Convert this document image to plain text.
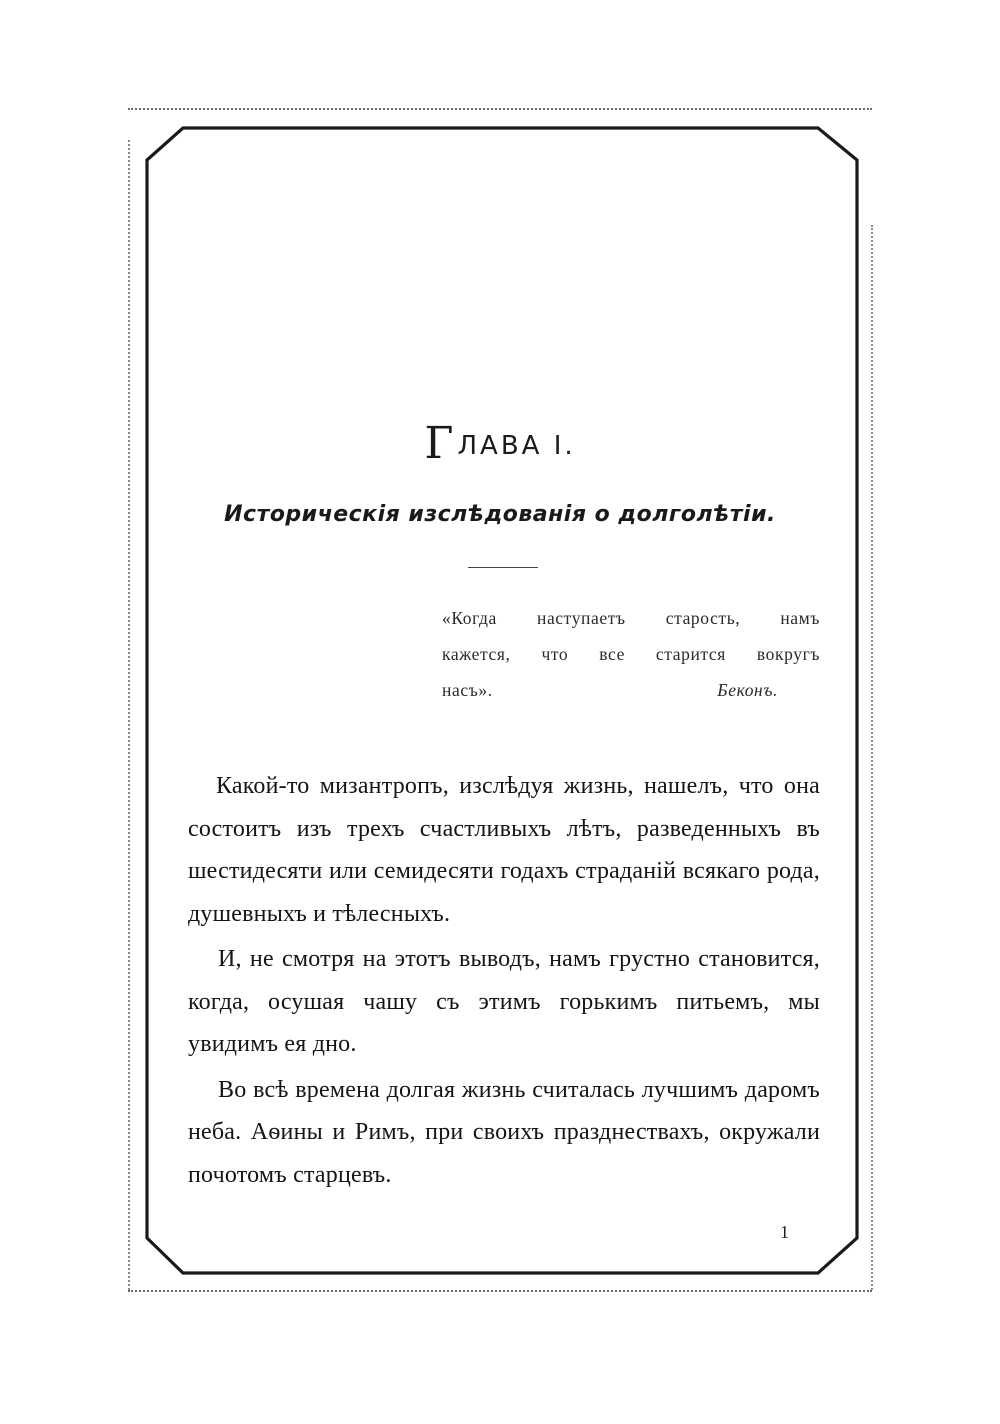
ГЛАВА I.
Историческія изслѣдованія о долголѣтіи.
«Когда наступаетъ старость, намъ
кажется, что все старится вокругъ
насъ».	Беконъ.

Какой-то мизантропъ, изслѣдуя жизнь, нашелъ, что она состоитъ изъ трехъ счастливыхъ лѣтъ, разведенныхъ въ шестидесяти или семидесяти годахъ страданій всякаго рода, душевныхъ и тѣлесныхъ.

И, не смотря на этотъ выводъ, намъ грустно становится, когда, осушая чашу съ этимъ горькимъ питьемъ, мы увидимъ ея дно.

Во всѣ времена долгая жизнь считалась лучшимъ даромъ неба. Аѳины и Римъ, при своихъ празднествахъ, окружали почотомъ старцевъ.

1
